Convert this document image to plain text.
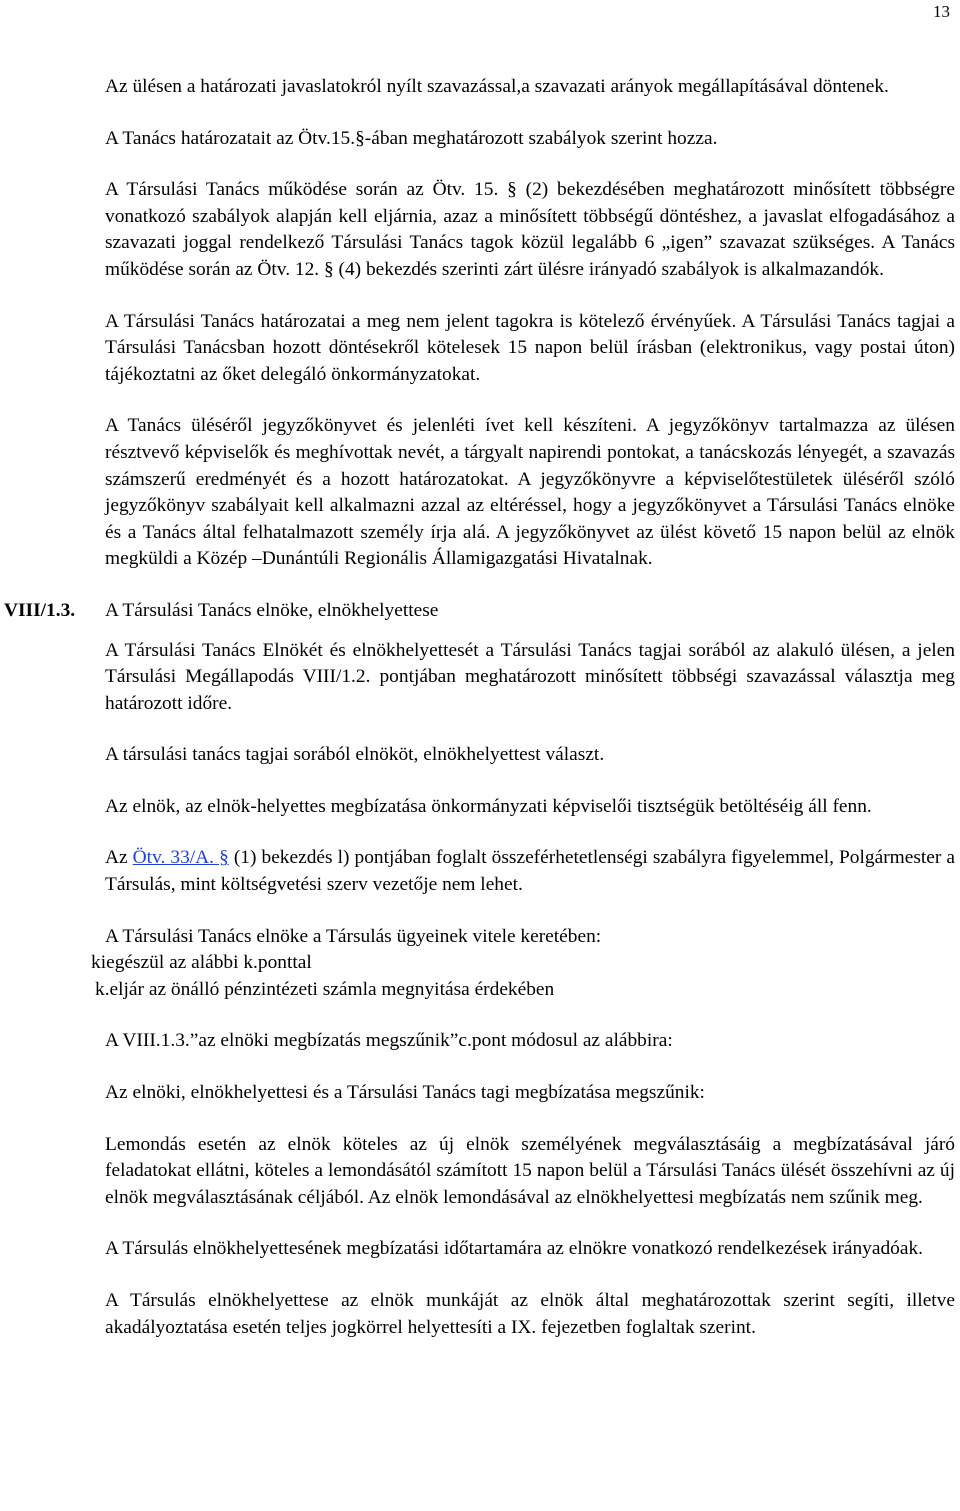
13

Az ülésen a határozati javaslatokról nyílt szavazással,a szavazati arányok megállapításával döntenek.

A Tanács határozatait az Ötv.15.§-ában meghatározott szabályok szerint hozza.

A Társulási Tanács működése során az Ötv. 15. § (2) bekezdésében meghatározott minősített többségre vonatkozó szabályok alapján kell eljárnia, azaz a minősített többségű döntéshez, a javaslat elfogadásához a szavazati joggal rendelkező Társulási Tanács tagok közül legalább 6 „igen” szavazat szükséges. A Tanács működése során az Ötv. 12. § (4) bekezdés szerinti zárt ülésre irányadó szabályok is alkalmazandók.

A Társulási Tanács határozatai a meg nem jelent tagokra is kötelező érvényűek. A Társulási Tanács tagjai a Társulási Tanácsban hozott döntésekről kötelesek 15 napon belül írásban (elektronikus, vagy postai úton) tájékoztatni az őket delegáló önkormányzatokat.

A Tanács üléséről jegyzőkönyvet és jelenléti ívet kell készíteni. A jegyzőkönyv tartalmazza az ülésen résztvevő képviselők és meghívottak nevét, a tárgyalt napirendi pontokat, a tanácskozás lényegét, a szavazás számszerű eredményét és a hozott határozatokat. A jegyzőkönyvre a képviselőtestületek üléséről szóló jegyzőkönyv szabályait kell alkalmazni azzal az eltéréssel, hogy a jegyzőkönyvet a Társulási Tanács elnöke és a Tanács által felhatalmazott személy írja alá. A jegyzőkönyvet az ülést követő 15 napon belül az elnök megküldi a Közép –Dunántúli Regionális Államigazgatási Hivatalnak.

VIII/1.3. A Társulási Tanács elnöke, elnökhelyettese

A Társulási Tanács Elnökét és elnökhelyettesét a Társulási Tanács tagjai sorából az alakuló ülésen, a jelen Társulási Megállapodás VIII/1.2. pontjában meghatározott minősített többségi szavazással választja meg határozott időre.

A társulási tanács tagjai sorából elnököt, elnökhelyettest választ.

Az elnök, az elnök-helyettes megbízatása önkormányzati képviselői tisztségük betöltéséig áll fenn.

Az Ötv. 33/A. § (1) bekezdés l) pontjában foglalt összeférhetetlenségi szabályra figyelemmel, Polgármester a Társulás, mint költségvetési szerv vezetője nem lehet.

A Társulási Tanács elnöke a Társulás ügyeinek vitele keretében:

kiegészül az alábbi k.ponttal

k.eljár az önálló pénzintézeti számla megnyitása érdekében

A VIII.1.3.”az elnöki megbízatás megszűnik”c.pont módosul az alábbira:

Az elnöki, elnökhelyettesi és a Társulási Tanács tagi megbízatása megszűnik:

Lemondás esetén az elnök köteles az új elnök személyének megválasztásáig a megbízatásával járó feladatokat ellátni, köteles a lemondásától számított 15 napon belül a Társulási Tanács ülését összehívni az új elnök megválasztásának céljából. Az elnök lemondásával az elnökhelyettesi megbízatás nem szűnik meg.

A Társulás elnökhelyettesének megbízatási időtartamára az elnökre vonatkozó rendelkezések irányadóak.

A Társulás elnökhelyettese az elnök munkáját az elnök által meghatározottak szerint segíti, illetve akadályoztatása esetén teljes jogkörrel helyettesíti a IX. fejezetben foglaltak szerint.
